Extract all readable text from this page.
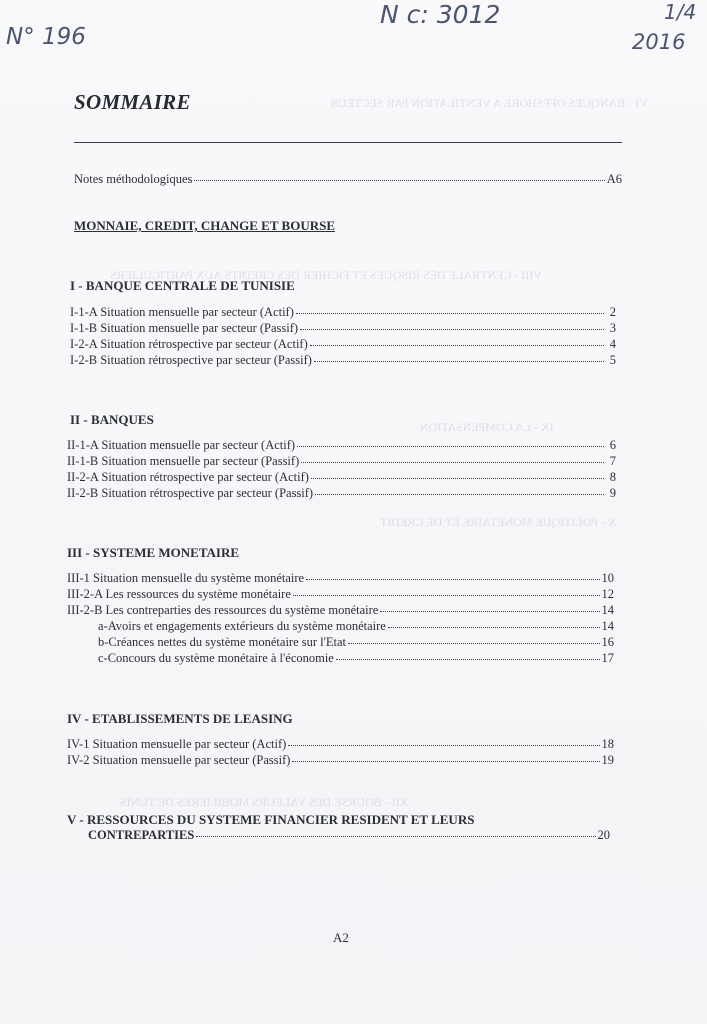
VI - BANQUES OFFSHORE A VENTILATION PAR SECTEUR
VIII - CENTRALE DES RISQUES ET FICHIER DES CREDITS AUX PARTICULIERS
IX - LA COMPENSATION
X - POLITIQUE MONETAIRE ET DE CREDIT
XII - BOURSE DES VALEURS MOBILIERES DE TUNIS
N° 196
N c: 3012	1/4
2016
SOMMAIRE
Notes méthodologiques	A6
MONNAIE, CREDIT, CHANGE ET BOURSE
I - BANQUE CENTRALE DE TUNISIE
I-1-A Situation mensuelle par secteur (Actif)	2
I-1-B Situation mensuelle par secteur (Passif)	3
I-2-A Situation rétrospective par secteur (Actif)	4
I-2-B Situation rétrospective par secteur (Passif)	5
II - BANQUES
II-1-A Situation mensuelle par secteur (Actif)	6
II-1-B Situation mensuelle par secteur (Passif)	7
II-2-A Situation rétrospective par secteur (Actif)	8
II-2-B Situation rétrospective par secteur (Passif)	9
III - SYSTEME MONETAIRE
III-1 Situation mensuelle du système monétaire	10
III-2-A Les ressources du système monétaire	12
III-2-B Les contreparties des ressources du système monétaire	14
a-Avoirs et engagements extérieurs du système monétaire	14
b-Créances nettes du système monétaire sur l'Etat	16
c-Concours du système monétaire à l'économie	17
IV - ETABLISSEMENTS DE LEASING
IV-1 Situation mensuelle par secteur (Actif)	18
IV-2 Situation mensuelle par secteur (Passif)	19
V - RESSOURCES DU SYSTEME FINANCIER RESIDENT ET LEURS
CONTREPARTIES	20
A2
